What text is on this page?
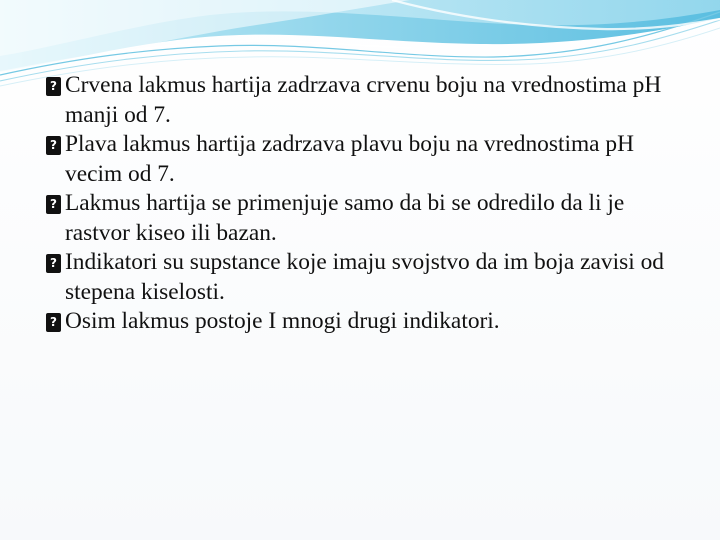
? Crvena lakmus hartija zadrzava crvenu boju na vrednostima pH manji od 7.
? Plava lakmus hartija zadrzava plavu boju na vrednostima pH vecim od 7.
? Lakmus hartija se primenjuje samo da bi se odredilo da li je rastvor kiseo ili bazan.
? Indikatori su supstance koje imaju svojstvo da im boja zavisi od stepena kiselosti.
? Osim lakmus postoje I mnogi drugi indikatori.
